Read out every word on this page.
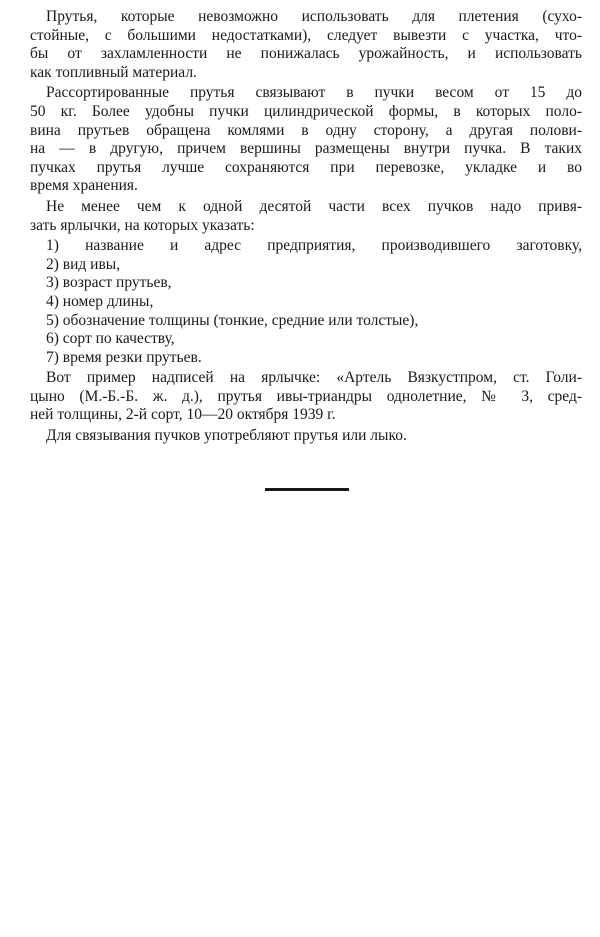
Прутья, которые невозможно использовать для плетения (сухо-
стойные, с большими недостатками), следует вывезти с участка, что-
бы от захламленности не понижалась урожайность, и использовать
как топливный материал.
Рассортированные прутья связывают в пучки весом от 15 до
50 кг. Более удобны пучки цилиндрической формы, в которых поло-
вина прутьев обращена комлями в одну сторону, а другая полови-
на — в другую, причем вершины размещены внутри пучка. В таких
пучках прутья лучше сохраняются при перевозке, укладке и во
время хранения.
Не менее чем к одной десятой части всех пучков надо привя-
зать ярлычки, на которых указать:
1) название и адрес предприятия, производившего заготовку,
2) вид ивы,
3) возраст прутьев,
4) номер длины,
5) обозначение толщины (тонкие, средние или толстые),
6) сорт по качеству,
7) время резки прутьев.
Вот пример надписей на ярлычке: «Артель Вязкустпром, ст. Голи-
цыно (М.-Б.-Б. ж. д.), прутья ивы-триандры однолетние, № 3, сред-
ней толщины, 2-й сорт, 10—20 октября 1939 г.
Для связывания пучков употребляют прутья или лыко.
